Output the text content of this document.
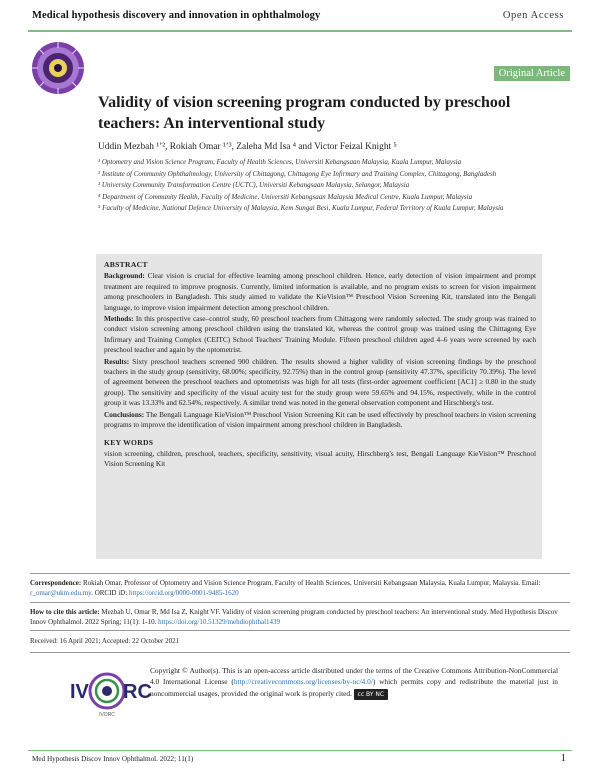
Medical hypothesis discovery and innovation in ophthalmology	Open Access
Original Article
Validity of vision screening program conducted by preschool teachers: An interventional study
Uddin Mezbah ¹ʼ², Rokiah Omar ¹ʼ³, Zaleha Md Isa ⁴ and Victor Feizal Knight ⁵

¹ Optometry and Vision Science Program, Faculty of Health Sciences, Universiti Kebangsaan Malaysia, Kuala Lumpur, Malaysia

² Institute of Community Ophthalmology, University of Chittagong, Chittagong Eye Infirmary and Training Complex, Chittagong, Bangladesh

³ University Community Transformation Centre (UCTC), Universiti Kebangsaan Malaysia, Selangor, Malaysia

⁴ Department of Community Health, Faculty of Medicine, Universiti Kebangsaan Malaysia Medical Centre, Kuala Lumpur, Malaysia

⁵ Faculty of Medicine, National Defence University of Malaysia, Kem Sungai Besi, Kuala Lumpur, Federal Territory of Kuala Lumpur, Malaysia

ABSTRACT

Background: Clear vision is crucial for effective learning among preschool children. Hence, early detection of vision impairment and prompt treatment are required to improve prognosis. Currently, limited information is available, and no program exists to screen for vision impairment among preschoolers in Bangladesh. This study aimed to validate the KieVision™ Preschool Vision Screening Kit, translated into the Bengali language, to improve vision impairment detection among preschool children.

Methods: In this prospective case–control study, 60 preschool teachers from Chittagong were randomly selected. The study group was trained to conduct vision screening among preschool children using the translated kit, whereas the control group was trained using the Chittagong Eye Infirmary and Training Complex (CEITC) School Teachers' Training Module. Fifteen preschool children aged 4–6 years were screened by each preschool teacher and again by the optometrist.

Results: Sixty preschool teachers screened 900 children. The results showed a higher validity of vision screening findings by the preschool teachers in the study group (sensitivity, 68.00%; specificity, 92.75%) than in the control group (sensitivity 47.37%, specificity 70.39%). The level of agreement between the preschool teachers and optometrists was high for all tests (first-order agreement coefficient [AC1] ≥ 0.80 in the study group). The sensitivity and specificity of the visual acuity test for the study group were 59.65% and 94.15%, respectively, while in the control group it was 13.33% and 62.54%, respectively. A similar trend was noted in the general observation component and Hirschberg's test.

Conclusions: The Bengali Language KieVision™ Preschool Vision Screening Kit can be used effectively by preschool teachers in vision screening programs to improve the identification of vision impairment among preschool children in Bangladesh.

KEY WORDS

vision screening, children, preschool, teachers, specificity, sensitivity, visual acuity, Hirschberg's test, Bengali Language KieVision™ Preschool Vision Screening Kit

Correspondence: Rokiah Omar, Professor of Optometry and Vision Science Program, Faculty of Health Sciences, Universiti Kebangsaan Malaysia, Kuala Lumpur, Malaysia. Email: r_omar@ukm.edu.my. ORCID iD: https://orcid.org/0000-0001-9485-1620
How to cite this article: Mezbah U, Omar R, Md Isa Z, Knight VF. Validity of vision screening program conducted by preschool teachers: An interventional study. Med Hypothesis Discov Innov Ophthalmol. 2022 Spring; 11(1): 1-10. https://doi.org/10.51329/mehdiophthal1439
Received: 16 April 2021; Accepted: 22 October 2021
IV RC
IVORC
Copyright © Author(s). This is an open-access article distributed under the terms of the Creative Commons Attribution-NonCommercial 4.0 International License (http://creativecommons.org/licenses/by-nc/4.0/) which permits copy and redistribute the material just in noncommercial usages, provided the original work is properly cited. cc BY NC
Med Hypothesis Discov Innov Ophthalmol. 2022; 11(1)	1
